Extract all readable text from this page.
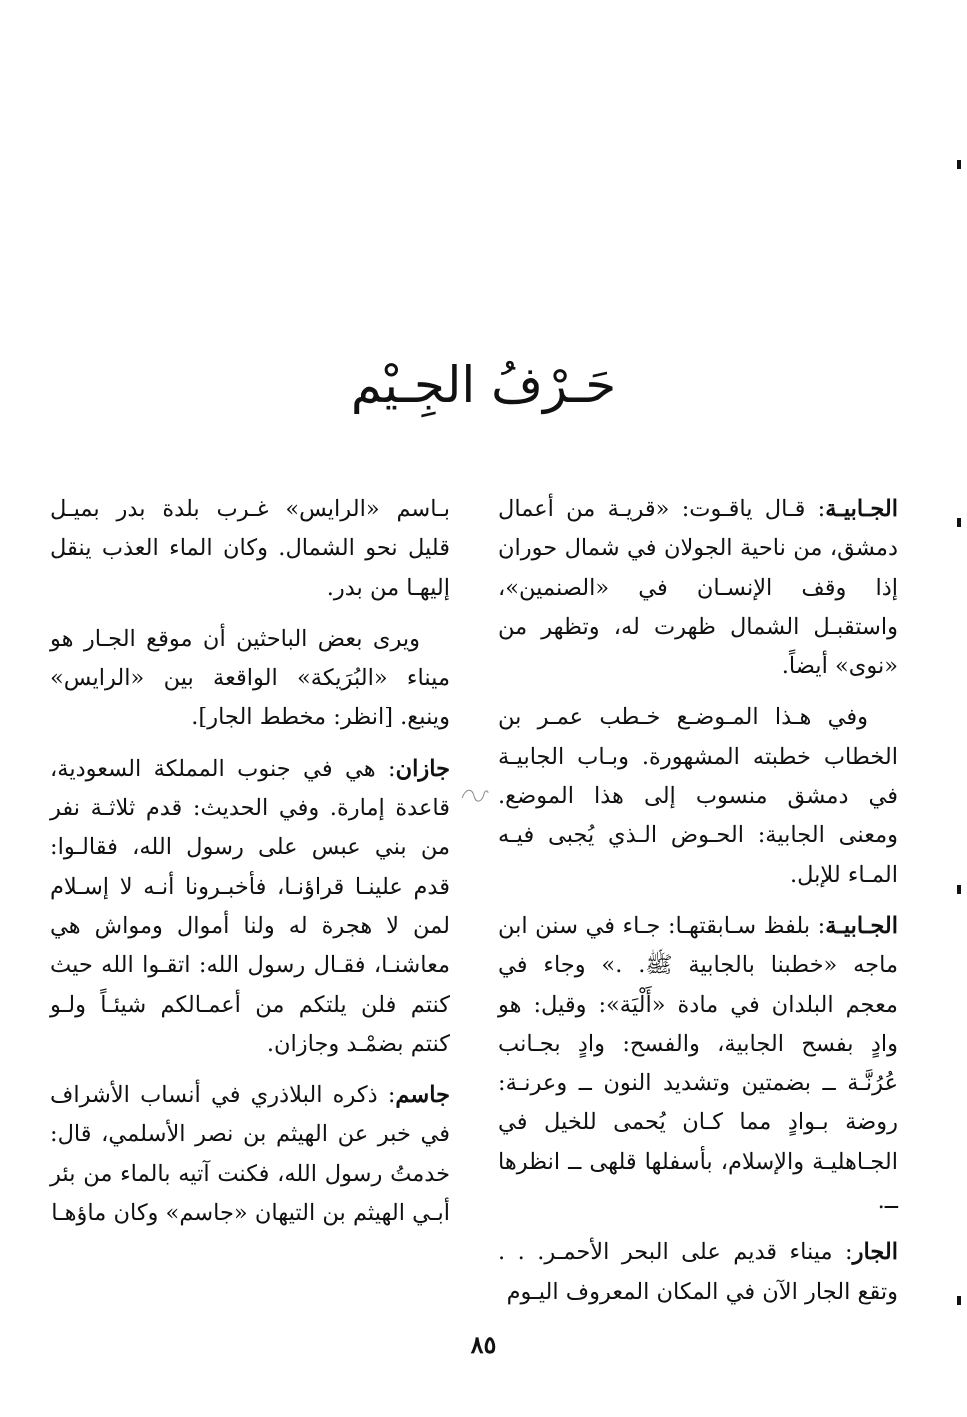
حَـرْفُ الجِـيْم

الجـابيـة: قـال ياقـوت: «قريـة من أعمال دمشق، من ناحية الجولان في شمال حوران إذا وقف الإنسـان في «الصنمين»، واستقبـل الشمال ظهرت له، وتظهر من «نوى» أيضاً.

وفي هـذا المـوضـع خـطب عمـر بن الخطاب خطبته المشهورة. وبـاب الجابيـة في دمشق منسوب إلى هذا الموضع. ومعنى الجابية: الحـوض الـذي يُجبى فيـه المـاء للإبل.

الجـابيـة: بلفظ سـابقتهـا: جـاء في سنن ابن ماجه «خطبنا بالجابية ﷺ. .» وجاء في معجم البلدان في مادة «أَلْيَة»: وقيل: هو وادٍ بفسح الجابية، والفسح: وادٍ بجـانب عُرُنَّـة ــ بضمتين وتشديد النون ــ وعرنـة: روضة بـوادٍ مما كـان يُحمى للخيل في الجـاهليـة والإسلام، بأسفلها قلهى ــ انظرها ــ.

الجار: ميناء قديم على البحر الأحمـر. . . وتقع الجار الآن في المكان المعروف اليـوم

بـاسم «الرايس» غـرب بلدة بدر بميـل قليل نحو الشمال. وكان الماء العذب ينقل إليهـا من بدر.

ويرى بعض الباحثين أن موقع الجـار هو ميناء «البُرَيكة» الواقعة بين «الرايس» وينبع. [انظر: مخطط الجار].

جازان: هي في جنوب المملكة السعودية، قاعدة إمارة. وفي الحديث: قدم ثلاثـة نفر من بني عبس على رسول الله، فقالـوا: قدم علينـا قراؤنـا، فأخبـرونا أنـه لا إسـلام لمن لا هجرة له ولنا أموال ومواش هي معاشنـا، فقـال رسول الله: اتقـوا الله حيث كنتم فلن يلتكم من أعمـالكم شيئـاً ولـو كنتم بضمْـد وجازان.

جاسم: ذكره البلاذري في أنساب الأشراف في خبر عن الهيثم بن نصر الأسلمي، قال: خدمتُ رسول الله، فكنت آتيه بالماء من بئر أبـي الهيثم بن التيهان «جاسم» وكان ماؤهـا

٨٥
